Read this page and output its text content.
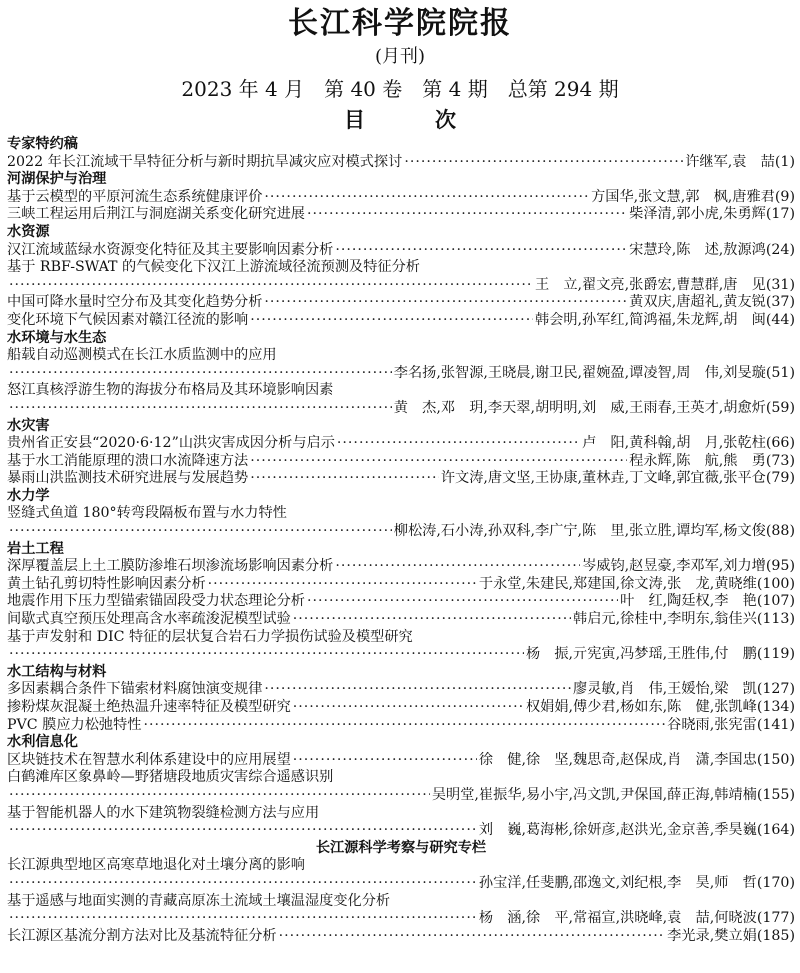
长江科学院院报
(月刊)
2023 年 4 月　第 40 卷　第 4 期　总第 294 期
目次
专家特约稿
2022 年长江流域干旱特征分析与新时期抗旱减灾应对模式探讨 ·····	许继军,袁　喆 ( 1 )
河湖保护与治理
基于云模型的平原河流生态系统健康评价 ·····	方国华,张文慧,郭　枫,唐雅君 ( 9 )
三峡工程运用后荆江与洞庭湖关系变化研究进展 ·····	柴泽清,郭小虎,朱勇辉 ( 17 )
水资源
汉江流域蓝绿水资源变化特征及其主要影响因素分析 ·····	宋慧玲,陈　述,敖源鸿 ( 24 )
基于 RBF-SWAT 的气候变化下汉江上游流域径流预测及特征分析
·····
王　立,翟文亮,张爵宏,曹慧群,唐　见 ( 31 )
中国可降水量时空分布及其变化趋势分析 ·····	黄双庆,唐超礼,黄友锐 ( 37 )
变化环境下气候因素对赣江径流的影响 ·····	韩会明,孙军红,简鸿福,朱龙辉,胡　闽 ( 44 )
水环境与水生态
船载自动巡测模式在长江水质监测中的应用
·····
李名扬,张智源,王晓晨,谢卫民,翟婉盈,谭凌智,周　伟,刘旻璇 ( 51 )
怒江真核浮游生物的海拔分布格局及其环境影响因素
·····
黄　杰,邓　玥,李天翠,胡明明,刘　威,王雨春,王英才,胡愈炘 ( 59 )
水灾害
贵州省正安县“2020·6·12”山洪灾害成因分析与启示 ·····	卢　阳,黄科翰,胡　月,张乾柱 ( 66 )
基于水工消能原理的溃口水流降速方法 ·····	程永辉,陈　航,熊　勇 ( 73 )
暴雨山洪监测技术研究进展与发展趋势 ·····	许文涛,唐文坚,王协康,董林垚,丁文峰,郭宜薇,张平仓 ( 79 )
水力学
竖缝式鱼道 180°转弯段隔板布置与水力特性
·····
柳松涛,石小涛,孙双科,李广宁,陈　里,张立胜,谭均军,杨文俊 ( 88 )
岩土工程
深厚覆盖层上土工膜防渗堆石坝渗流场影响因素分析 ·····	岑威钧,赵昱豪,李邓军,刘力增 ( 95 )
黄土钻孔剪切特性影响因素分析 ·····	于永堂,朱建民,郑建国,徐文涛,张　龙,黄晓维 ( 100 )
地震作用下压力型锚索锚固段受力状态理论分析 ·····	叶　红,陶廷权,李　艳 ( 107 )
间歇式真空预压处理高含水率疏浚泥模型试验 ·····	韩启元,徐桂中,李明东,翁佳兴 ( 113 )
基于声发射和 DIC 特征的层状复合岩石力学损伤试验及模型研究
·····
杨　振,亓宪寅,冯梦瑶,王胜伟,付　鹏 ( 119 )
水工结构与材料
多因素耦合条件下锚索材料腐蚀演变规律 ·····	廖灵敏,肖　伟,王媛怡,梁　凯 ( 127 )
掺粉煤灰混凝土绝热温升速率特征及模型研究 ·····	权娟娟,傅少君,杨如东,陈　健,张凯峰 ( 134 )
PVC 膜应力松弛特性 ·····	谷晓雨,张宪雷 ( 141 )
水利信息化
区块链技术在智慧水利体系建设中的应用展望 ·····	徐　健,徐　坚,魏思奇,赵保成,肖　潇,李国忠 ( 150 )
白鹤滩库区象鼻岭—野猪塘段地质灾害综合遥感识别
·····
吴明堂,崔振华,易小宇,冯文凯,尹保国,薛正海,韩靖楠 ( 155 )
基于智能机器人的水下建筑物裂缝检测方法与应用
·····
刘　巍,葛海彬,徐妍彦,赵洪光,金京善,季昊巍 ( 164 )
长江源科学考察与研究专栏
长江源典型地区高寒草地退化对土壤分离的影响
·····
孙宝洋,任斐鹏,邵逸文,刘纪根,李　昊,师　哲 ( 170 )
基于遥感与地面实测的青藏高原冻土流域土壤温湿度变化分析
·····
杨　涵,徐　平,常福宣,洪晓峰,袁　喆,何晓波 ( 177 )
长江源区基流分割方法对比及基流特征分析 ·····	李光录,樊立娟 ( 185 )
